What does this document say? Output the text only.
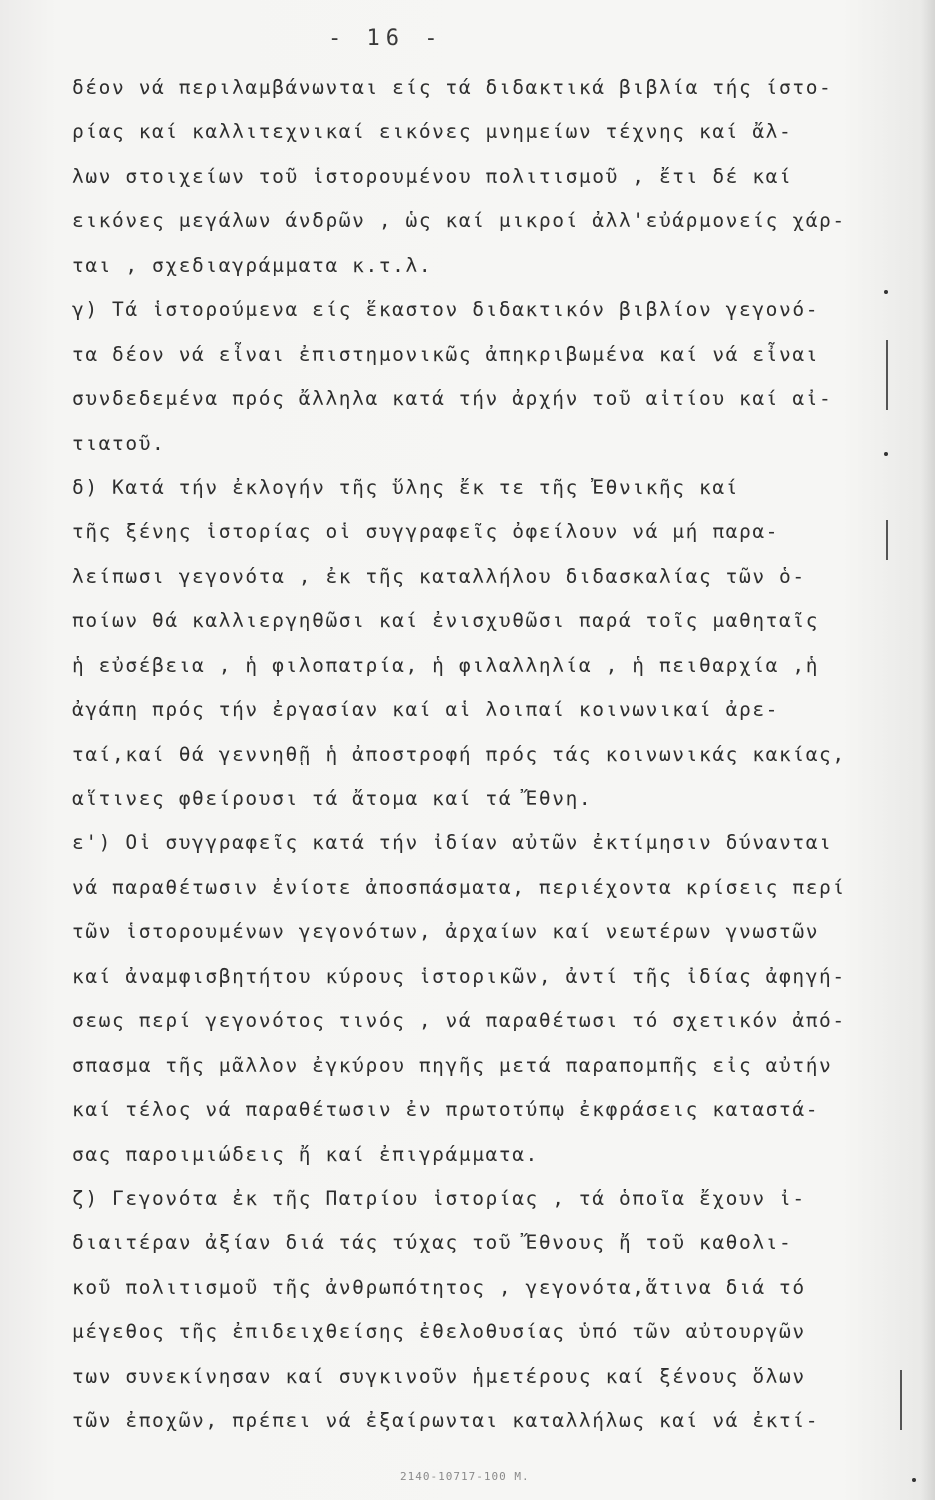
- 16 -
δέον νά περιλαμβάνωνται είς τά διδακτικά βιβλία τής ίστο-
ρίας καί καλλιτεχνικαί εικόνες μνημείων τέχνης καί ἄλ-
λων στοιχείων τοῦ ἱστορουμένου πολιτισμοῦ , ἔτι δέ καί
εικόνες μεγάλων άνδρῶν , ὡς καί μικροί ἀλλ'εὐάρμονείς χάρ-
ται , σχεδιαγράμματα κ.τ.λ.
γ) Τά ἱστορούμενα είς ἕκαστον διδακτικόν βιβλίον γεγονό-
τα δέον νά εἶναι ἐπιστημονικῶς ἀπηκριβωμένα καί νά εἶναι
συνδεδεμένα πρός ἄλληλα κατά τήν ἀρχήν τοῦ αἰτίου καί αἰ-
τιατοῦ.
δ) Κατά τήν ἐκλογήν τῆς ὕλης ἔκ τε τῆς Ἐθνικῆς καί
τῆς ξένης ἱστορίας οἱ συγγραφεῖς ὀφείλουν νά μή παρα-
λείπωσι γεγονότα , ἐκ τῆς καταλλήλου διδασκαλίας τῶν ὁ-
ποίων θά καλλιεργηθῶσι καί ἐνισχυθῶσι παρά τοῖς μαθηταῖς
ἡ εὐσέβεια , ἡ φιλοπατρία, ἡ φιλαλληλία , ἡ πειθαρχία ,ἡ
ἀγάπη πρός τήν ἐργασίαν καί αἱ λοιπαί κοινωνικαί ἀρε-
ταί,καί θά γεννηθῇ ἡ ἀποστροφή πρός τάς κοινωνικάς κακίας,
αἵτινες φθείρουσι τά ἄτομα καί τά Ἔθνη.
ε') Οἱ συγγραφεῖς κατά τήν ἰδίαν αὐτῶν ἐκτίμησιν δύνανται
νά παραθέτωσιν ἐνίοτε ἀποσπάσματα, περιέχοντα κρίσεις περί
τῶν ἱστορουμένων γεγονότων, ἀρχαίων καί νεωτέρων γνωστῶν
καί ἀναμφισβητήτου κύρους ἱστορικῶν, ἀντί τῆς ἰδίας ἀφηγή-
σεως περί γεγονότος τινός , νά παραθέτωσι τό σχετικόν ἀπό-
σπασμα τῆς μᾶλλον ἐγκύρου πηγῆς μετά παραπομπῆς εἰς αὐτήν
καί τέλος νά παραθέτωσιν ἐν πρωτοτύπῳ ἐκφράσεις καταστά-
σας παροιμιώδεις ἤ καί ἐπιγράμματα.
ζ) Γεγονότα ἐκ τῆς Πατρίου ἱστορίας , τά ὁποῖα ἔχουν ἰ-
διαιτέραν ἀξίαν διά τάς τύχας τοῦ Ἔθνους ἤ τοῦ καθολι-
κοῦ πολιτισμοῦ τῆς ἀνθρωπότητος , γεγονότα,ἅτινα διά τό
μέγεθος τῆς ἐπιδειχθείσης ἐθελοθυσίας ὑπό τῶν αὐτουργῶν
των συνεκίνησαν καί συγκινοῦν ἡμετέρους καί ξένους ὅλων
τῶν ἐποχῶν, πρέπει νά ἐξαίρωνται καταλλήλως καί νά ἐκτί-
2140-10717-100 Μ.
